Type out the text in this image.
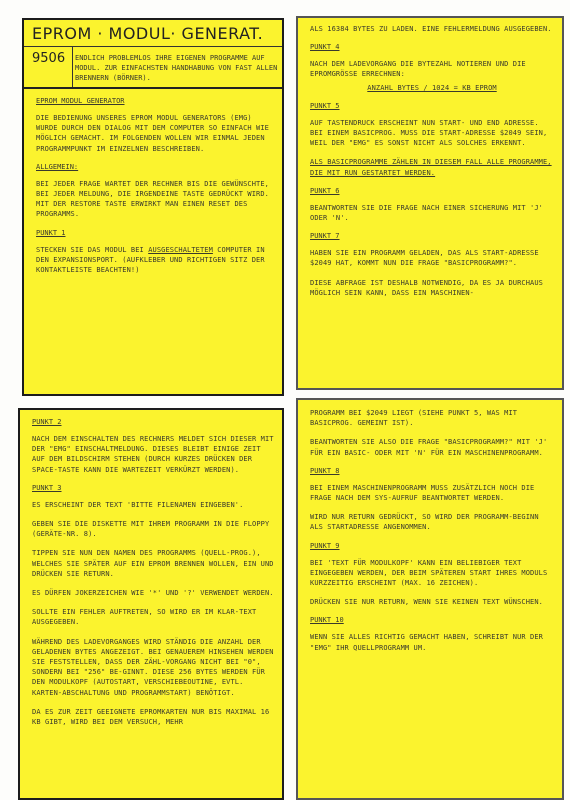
EPROM · MODUL· GENERAT.
9506	ENDLICH PROBLEMLOS IHRE EIGENEN PROGRAMME AUF MODUL. ZUR EINFACHSTEN HANDHABUNG VON FAST ALLEN BRENNERN (BÖRNER).
EPROM MODUL GENERATOR

DIE BEDIENUNG UNSERES EPROM MODUL GENERATORS (EMG) WURDE DURCH DEN DIALOG MIT DEM COMPUTER SO EINFACH WIE MÖGLICH GEMACHT. IM FOLGENDEN WOLLEN WIR EINMAL JEDEN PROGRAMMPUNKT IM EINZELNEN BESCHREIBEN.

ALLGEMEIN:

BEI JEDER FRAGE WARTET DER RECHNER BIS DIE GEWÜNSCHTE, BEI JEDER MELDUNG, DIE IRGENDEINE TASTE GEDRÜCKT WIRD. MIT DER RESTORE TASTE ERWIRKT MAN EINEN RESET DES PROGRAMMS.

PUNKT 1

STECKEN SIE DAS MODUL BEI AUSGESCHALTETEM COMPUTER IN DEN EXPANSIONSPORT. (AUFKLEBER UND RICHTIGEN SITZ DER KONTAKTLEISTE BEACHTEN!)

ALS 16384 BYTES ZU LADEN. EINE FEHLERMELDUNG AUSGEGEBEN.

PUNKT 4

NACH DEM LADEVORGANG DIE BYTEZAHL NOTIEREN UND DIE EPROMGRÖSSE ERRECHNEN:

ANZAHL BYTES / 1024 = KB EPROM

PUNKT 5

AUF TASTENDRUCK ERSCHEINT NUN START- UND END ADRESSE. BEI EINEM BASICPROG. MUSS DIE START-ADRESSE $2049 SEIN, WEIL DER "EMG" ES SONST NICHT ALS SOLCHES ERKENNT.

ALS BASICPROGRAMME ZÄHLEN IN DIESEM FALL ALLE PROGRAMME, DIE MIT RUN GESTARTET WERDEN.

PUNKT 6

BEANTWORTEN SIE DIE FRAGE NACH EINER SICHERUNG MIT 'J' ODER 'N'.

PUNKT 7

HABEN SIE EIN PROGRAMM GELADEN, DAS ALS START-ADRESSE $2049 HAT, KOMMT NUN DIE FRAGE "BASICPROGRAMM?".

DIESE ABFRAGE IST DESHALB NOTWENDIG, DA ES JA DURCHAUS MÖGLICH SEIN KANN, DASS EIN MASCHINEN-

PUNKT 2

NACH DEM EINSCHALTEN DES RECHNERS MELDET SICH DIESER MIT DER "EMG" EINSCHALTMELDUNG. DIESES BLEIBT EINIGE ZEIT AUF DEM BILDSCHIRM STEHEN (DURCH KURZES DRÜCKEN DER SPACE-TASTE KANN DIE WARTEZEIT VERKÜRZT WERDEN).

PUNKT 3

ES ERSCHEINT DER TEXT 'BITTE FILENAMEN EINGEBEN'.

GEBEN SIE DIE DISKETTE MIT IHREM PROGRAMM IN DIE FLOPPY (GERÄTE-NR. 8).

TIPPEN SIE NUN DEN NAMEN DES PROGRAMMS (QUELL-PROG.), WELCHES SIE SPÄTER AUF EIN EPROM BRENNEN WOLLEN, EIN UND DRÜCKEN SIE RETURN.

ES DÜRFEN JOKERZEICHEN WIE '*' UND '?' VERWENDET WERDEN.

SOLLTE EIN FEHLER AUFTRETEN, SO WIRD ER IM KLAR-TEXT AUSGEGEBEN.

WÄHREND DES LADEVORGANGES WIRD STÄNDIG DIE ANZAHL DER GELADENEN BYTES ANGEZEIGT. BEI GENAUEREM HINSEHEN WERDEN SIE FESTSTELLEN, DASS DER ZÄHL-VORGANG NICHT BEI "0", SONDERN BEI "256" BE-GINNT. DIESE 256 BYTES WERDEN FÜR DEN MODULKOPF (AUTOSTART, VERSCHIEBEOUTINE, EVTL. KARTEN-ABSCHALTUNG UND PROGRAMMSTART) BENÖTIGT.

DA ES ZUR ZEIT GEEIGNETE EPROMKARTEN NUR BIS MAXIMAL 16 KB GIBT, WIRD BEI DEM VERSUCH, MEHR

PROGRAMM BEI $2049 LIEGT (SIEHE PUNKT 5, WAS MIT BASICPROG. GEMEINT IST).

BEANTWORTEN SIE ALSO DIE FRAGE "BASICPROGRAMM?" MIT 'J' FÜR EIN BASIC- ODER MIT 'N' FÜR EIN MASCHINENPROGRAMM.

PUNKT 8

BEI EINEM MASCHINENPROGRAMM MUSS ZUSÄTZLICH NOCH DIE FRAGE NACH DEM SYS-AUFRUF BEANTWORTET WERDEN.

WIRD NUR RETURN GEDRÜCKT, SO WIRD DER PROGRAMM-BEGINN ALS STARTADRESSE ANGENOMMEN.

PUNKT 9

BEI 'TEXT FÜR MODULKOPF' KANN EIN BELIEBIGER TEXT EINGEGEBEN WERDEN, DER BEIM SPÄTEREN START IHRES MODULS KURZZEITIG ERSCHEINT (MAX. 16 ZEICHEN).

DRÜCKEN SIE NUR RETURN, WENN SIE KEINEN TEXT WÜNSCHEN.

PUNKT 10

WENN SIE ALLES RICHTIG GEMACHT HABEN, SCHREIBT NUR DER "EMG" IHR QUELLPROGRAMM UM.
